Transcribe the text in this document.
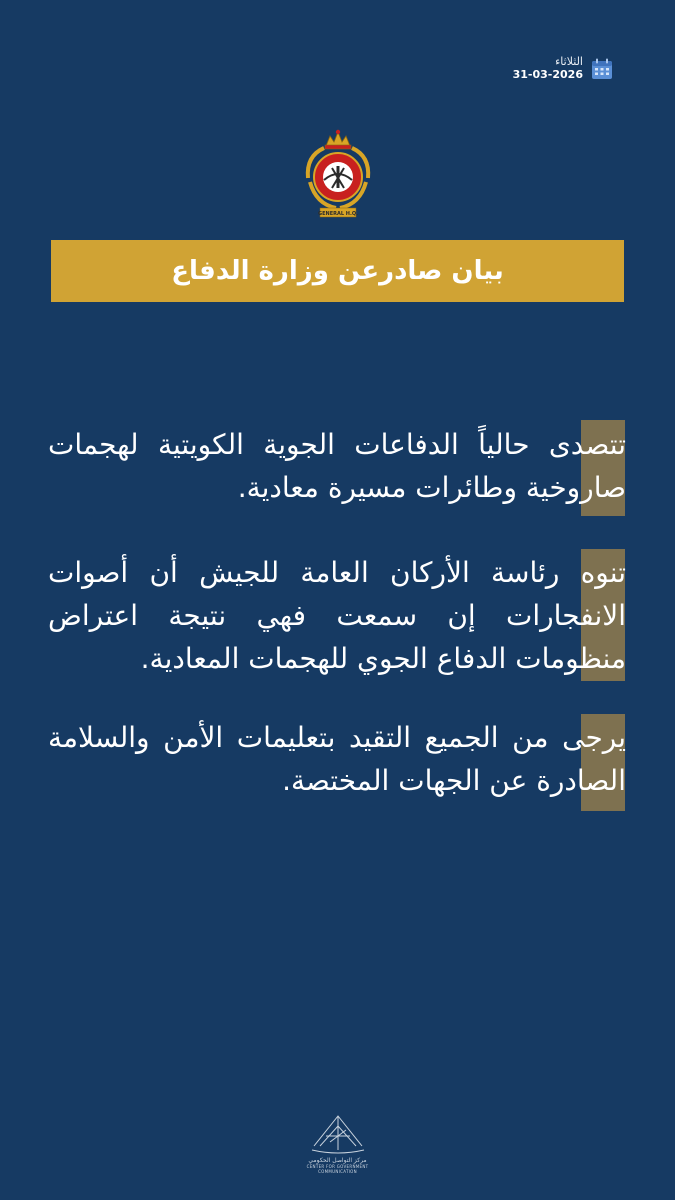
الثلاثاء
31-03-2026
GENERAL H.Q.
بيان صادرعن وزارة الدفاع
تتصدى حالياً الدفاعات الجوية الكويتية لهجمات صاروخية وطائرات مسيرة معادية.
تنوه رئاسة الأركان العامة للجيش أن أصوات الانفجارات إن سمعت فهي نتيجة اعتراض منظومات الدفاع الجوي للهجمات المعادية.
يرجى من الجميع التقيد بتعليمات الأمن والسلامة الصادرة عن الجهات المختصة.
مركز التواصل الحكومي
CENTER FOR GOVERNMENT COMMUNICATION
